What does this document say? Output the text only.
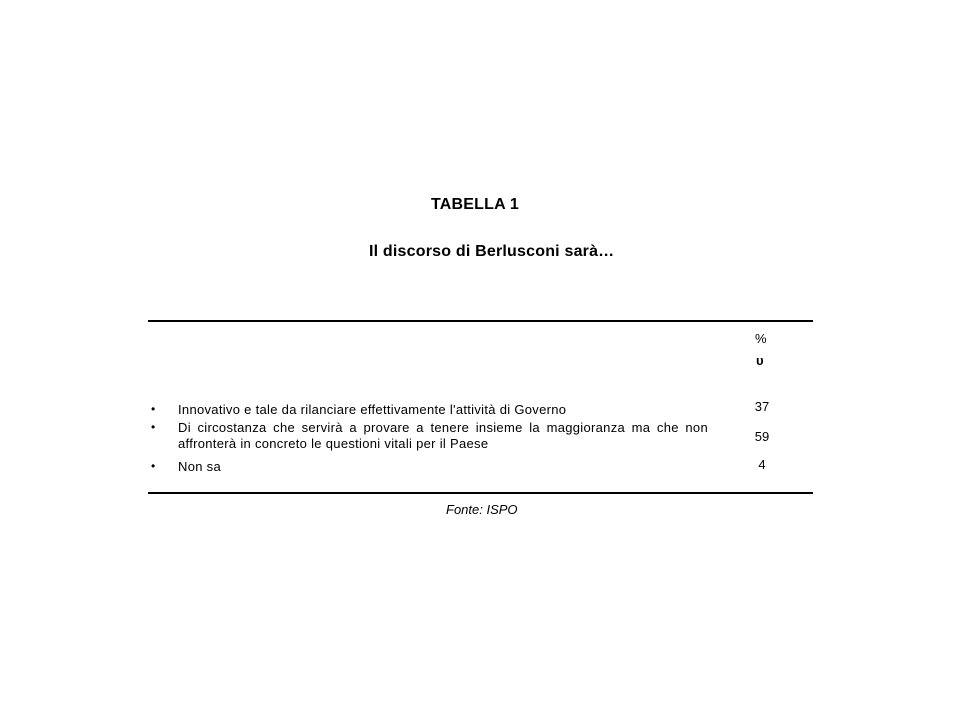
TABELLA 1
Il discorso di Berlusconi sarà…
%
υ
• Innovativo e tale da rilanciare effettivamente l'attività di Governo	37
• Di circostanza che servirà a provare a tenere insieme la maggioranza ma che non affronterà in concreto le questioni vitali per il Paese	59
• Non sa	4
Fonte: ISPO
